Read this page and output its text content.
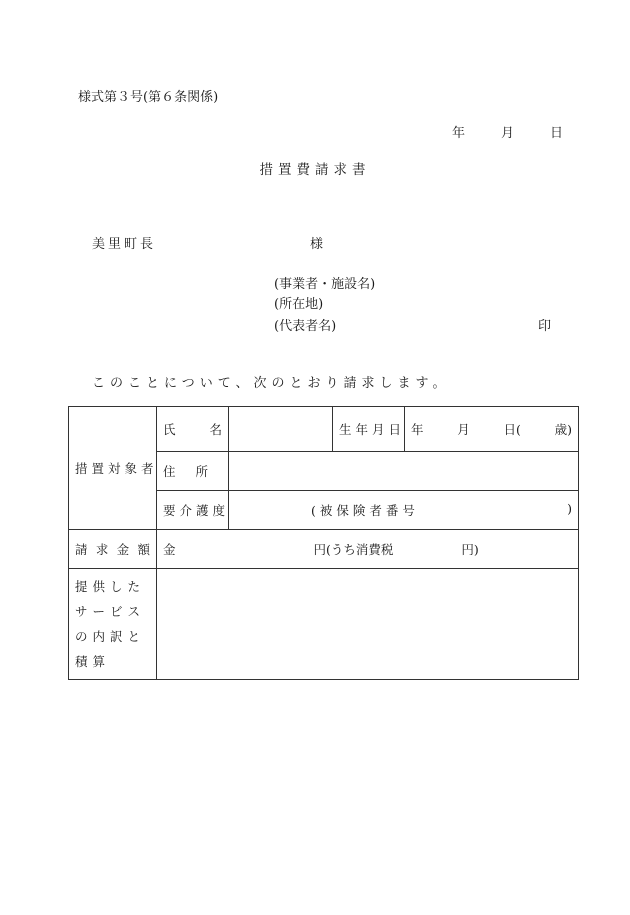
様式第３号(第６条関係)
年	月	日
措置費請求書
美里町長	様
(事業者・施設名)
(所在地)
(代表者名)	印
このことについて、次のとおり請求します。
措置対象者	氏 名		生年月日	年 月 日( 歳)

	住 所			

	要介護度	(被保険者番号 )		

請 求 金 額	金 円(うち消費税 円)			
提供したサービスの内訳と積算				
